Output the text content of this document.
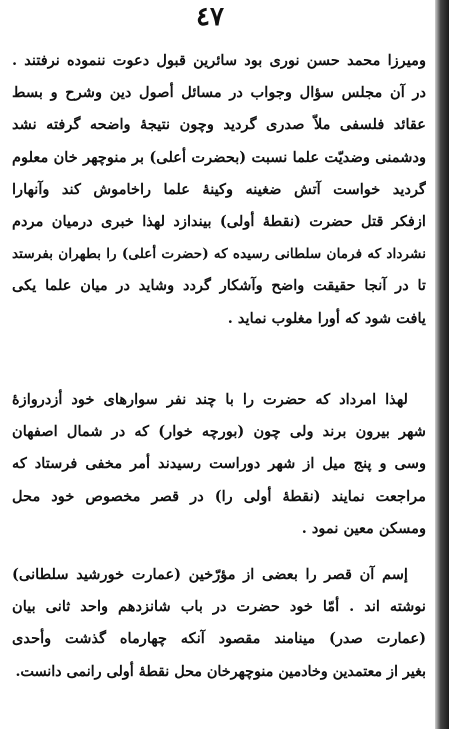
٤٧
ومیرزا محمد حسن نوری بود سائرین قبول دعوت ننموده نرفتند .
در آن مجلس سؤال وجواب در مسائل أصول دین وشرح و بسط
عقائد فلسفی ملاّ صدری گردید وچون نتیجهٔ واضحه گرفته نشد
ودشمنی وضدیّت علما نسبت (بحضرت أعلی) بر منوچهر خان معلوم
گردید خواست آتش ضغینه وکینهٔ علما راخاموش کند وآنهارا
ازفکر قتل حضرت (نقطهٔ أولی) بیندازد لهذا خبری درمیان مردم
نشرداد که فرمان سلطانی رسیده که (حضرت أعلی) را بطهران بفرستد
تا در آنجا حقیقت واضح وآشکار گردد وشاید در میان علما یکی
یافت شود که أورا مغلوب نماید .
لهذا امرداد که حضرت را با چند نفر سوارهای خود أزدروازهٔ
شهر بیرون برند ولی چون (بورچه خوار) که در شمال اصفهان
وسی و پنج میل از شهر دوراست رسیدند أمر مخفی فرستاد که
مراجعت نمایند (نقطهٔ أولی را) در قصر مخصوص خود محل
ومسکن معین نمود .
إسم آن قصر را بعضی از مؤرّخین (عمارت خورشید سلطانی)
نوشته اند . أمّا خود حضرت در باب شانزدهم واحد ثانی بیان
(عمارت صدر) مینامند مقصود آنکه چهارماه گذشت وأحدی
بغیر از معتمدین وخادمین منوچهرخان محل نقطهٔ أولی رانمی دانست.
